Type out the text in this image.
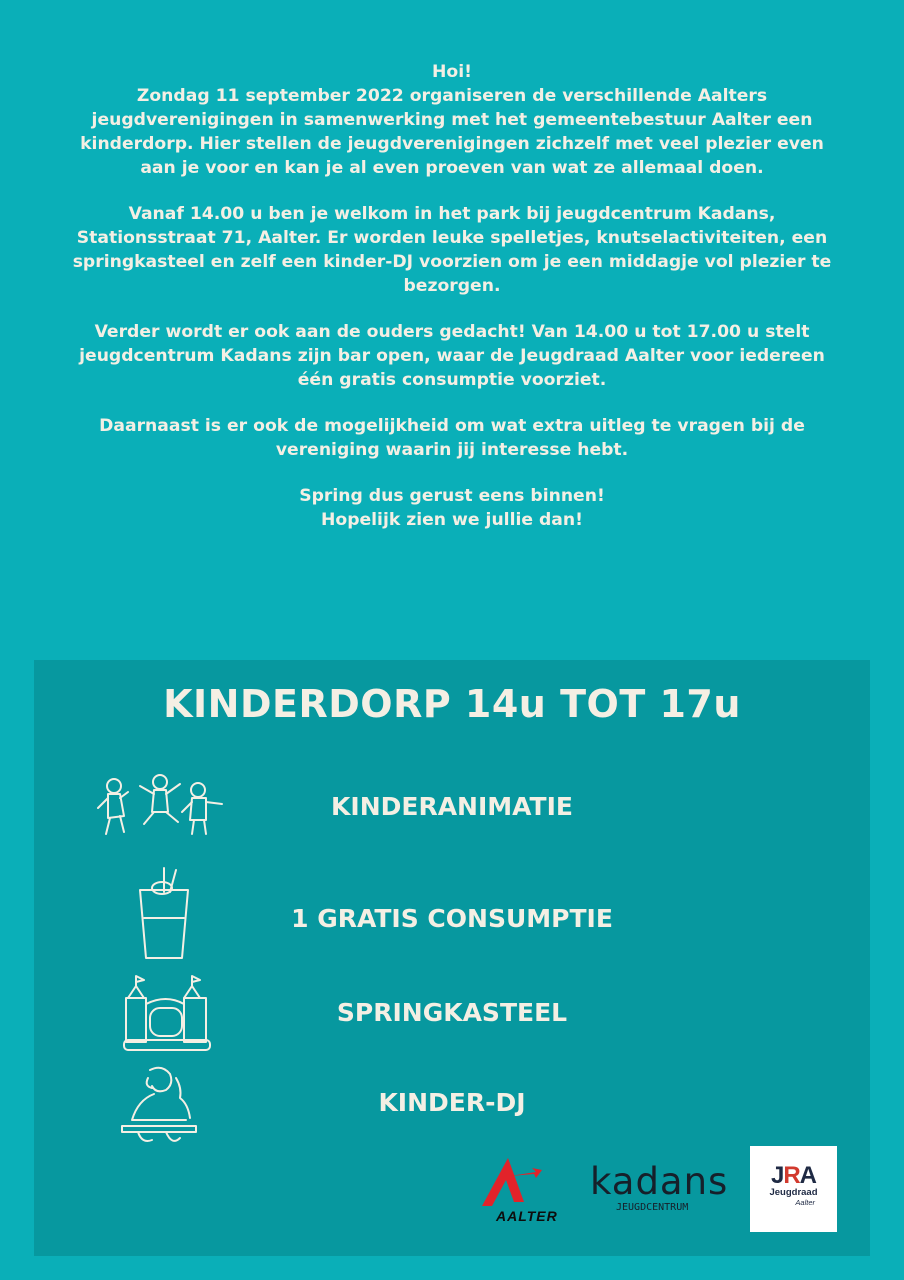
Hoi!
Zondag 11 september 2022 organiseren de verschillende Aalters
jeugdverenigingen in samenwerking met het gemeentebestuur Aalter een
kinderdorp. Hier stellen de jeugdverenigingen zichzelf met veel plezier even
aan je voor en kan je al even proeven van wat ze allemaal doen.

Vanaf 14.00 u ben je welkom in het park bij jeugdcentrum Kadans,
Stationsstraat 71, Aalter. Er worden leuke spelletjes, knutselactiviteiten, een
springkasteel en zelf een kinder-DJ voorzien om je een middagje vol plezier te
bezorgen.

Verder wordt er ook aan de ouders gedacht! Van 14.00 u tot 17.00 u stelt
jeugdcentrum Kadans zijn bar open, waar de Jeugdraad Aalter voor iedereen
één gratis consumptie voorziet.

Daarnaast is er ook de mogelijkheid om wat extra uitleg te vragen bij de
vereniging waarin jij interesse hebt.

Spring dus gerust eens binnen!
Hopelijk zien we jullie dan!

KINDERDORP 14u TOT 17u
KINDERANIMATIE
1 GRATIS CONSUMPTIE
SPRINGKASTEEL
KINDER-DJ
AALTER
kadans
JEUGDCENTRUM
JRA
Jeugdraad
Aalter
